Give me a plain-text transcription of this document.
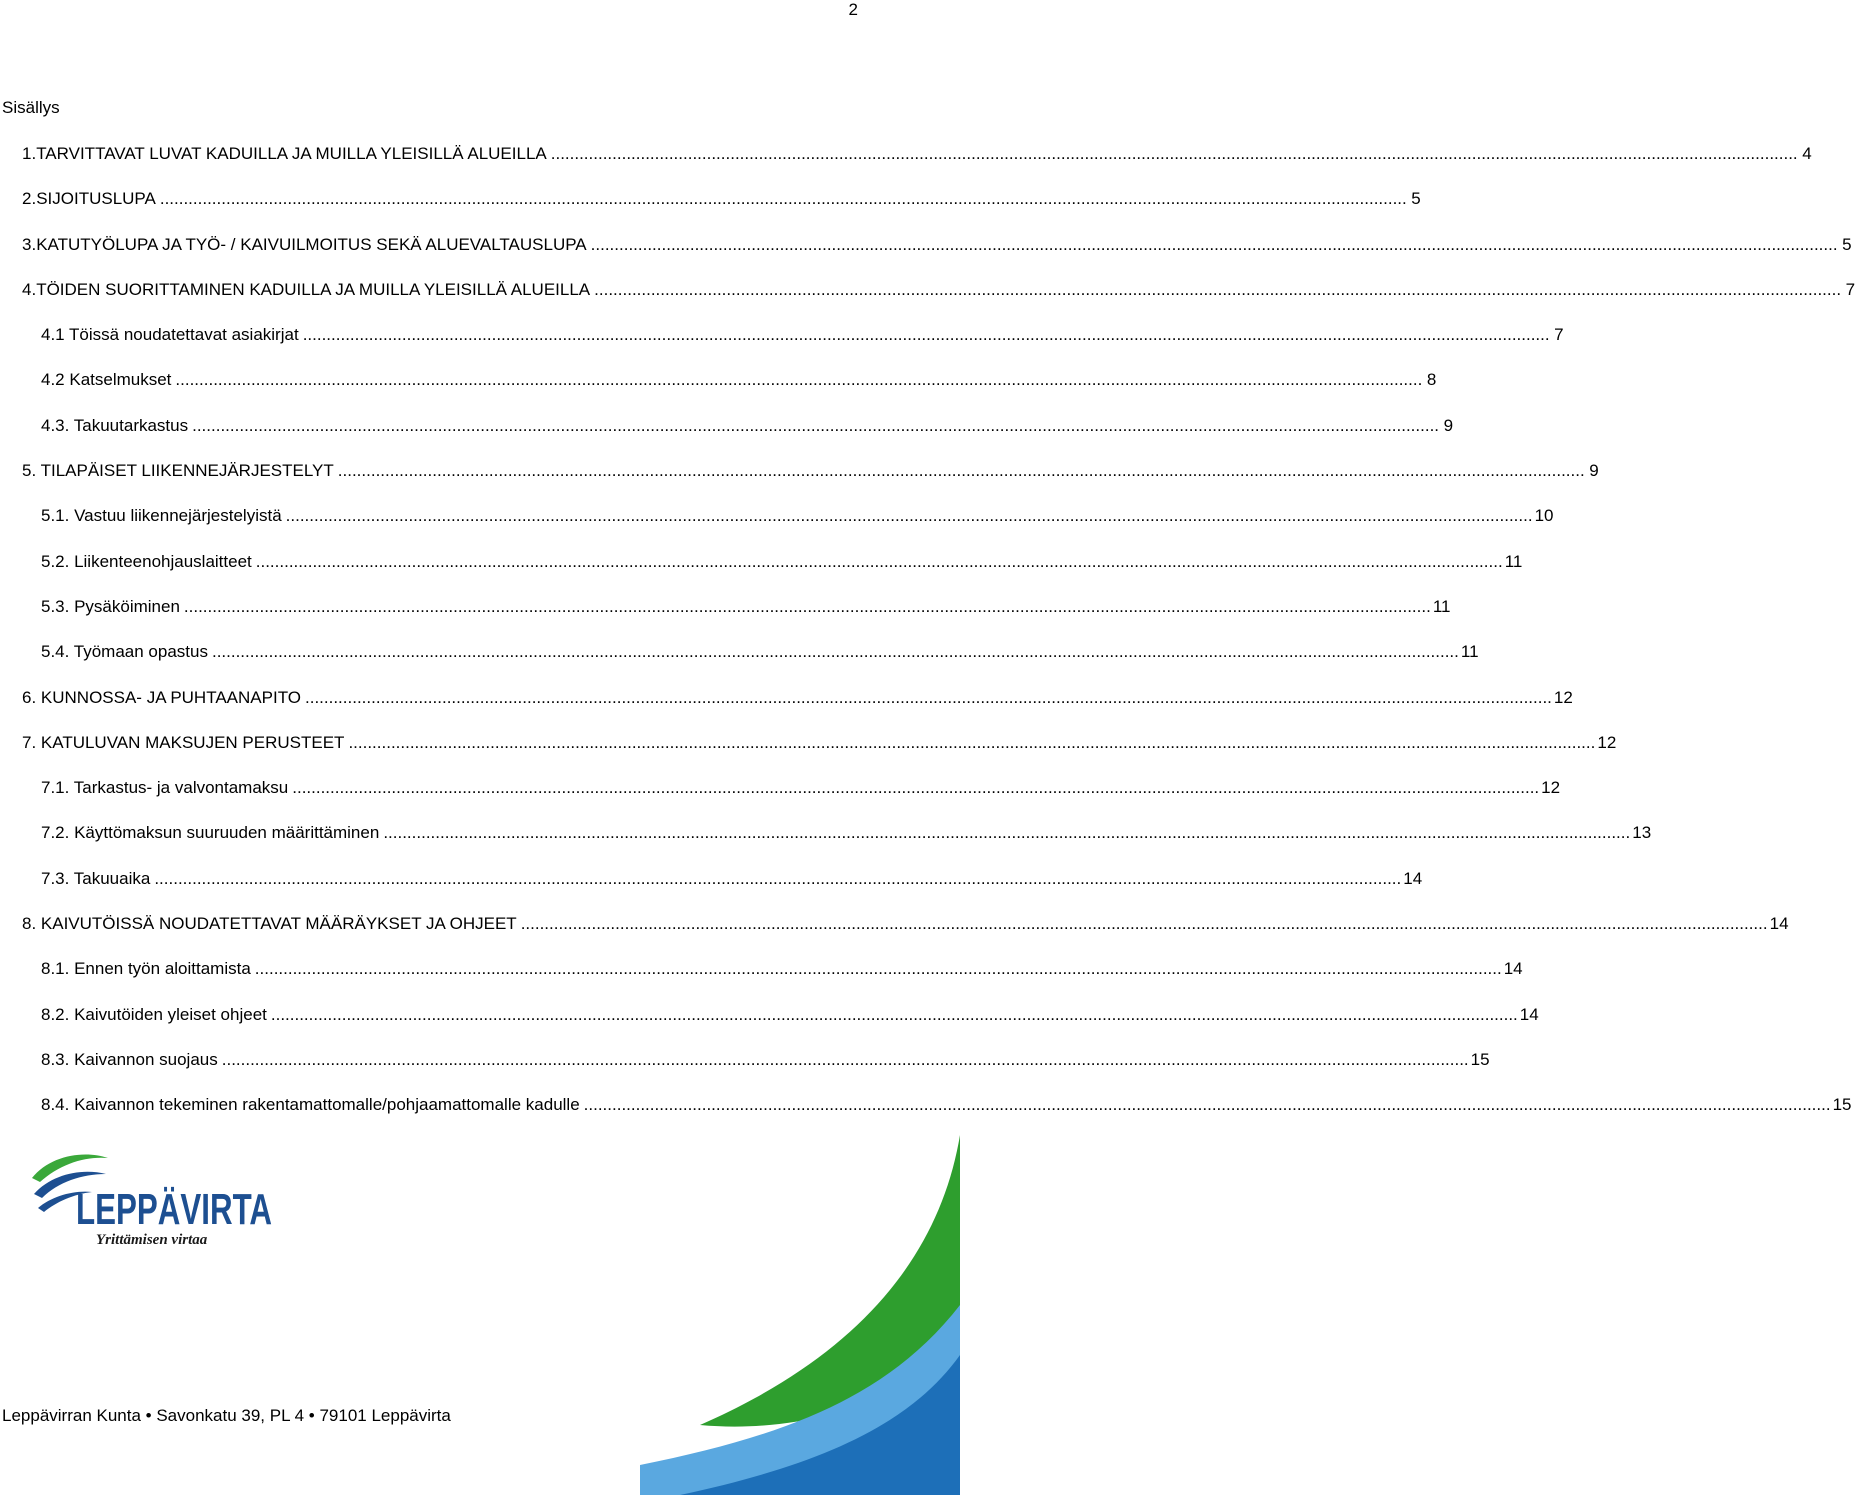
2
Sisällys
1. TARVITTAVAT LUVAT KADUILLA JA MUILLA YLEISILLÄ ALUEILLA .....	4
2. SIJOITUSLUPA .....	5
3. KATUTYÖLUPA JA TYÖ- / KAIVUILMOITUS SEKÄ ALUEVALTAUSLUPA .....	5
4. TÖIDEN SUORITTAMINEN KADUILLA JA MUILLA YLEISILLÄ ALUEILLA .....	7
4.1 Töissä noudatettavat asiakirjat .....	7
4.2 Katselmukset .....	8
4.3. Takuutarkastus .....	9
5. TILAPÄISET LIIKENNEJÄRJESTELYT .....	9
5.1. Vastuu liikennejärjestelyistä .....	10
5.2. Liikenteenohjauslaitteet .....	11
5.3. Pysäköiminen .....	11
5.4. Työmaan opastus .....	11
6. KUNNOSSA- JA PUHTAANAPITO .....	12
7. KATULUVAN MAKSUJEN PERUSTEET .....	12
7.1. Tarkastus- ja valvontamaksu .....	12
7.2. Käyttömaksun suuruuden määrittäminen .....	13
7.3. Takuuaika .....	14
8. KAIVUTÖISSÄ NOUDATETTAVAT MÄÄRÄYKSET JA OHJEET .....	14
8.1. Ennen työn aloittamista .....	14
8.2. Kaivutöiden yleiset ohjeet .....	14
8.3. Kaivannon suojaus .....	15
8.4. Kaivannon tekeminen rakentamattomalle/pohjaamattomalle kadulle .....	15
LEPPÄVIRTA
Yrittämisen virtaa
Leppävirran Kunta • Savonkatu 39, PL 4 • 79101 Leppävirta
